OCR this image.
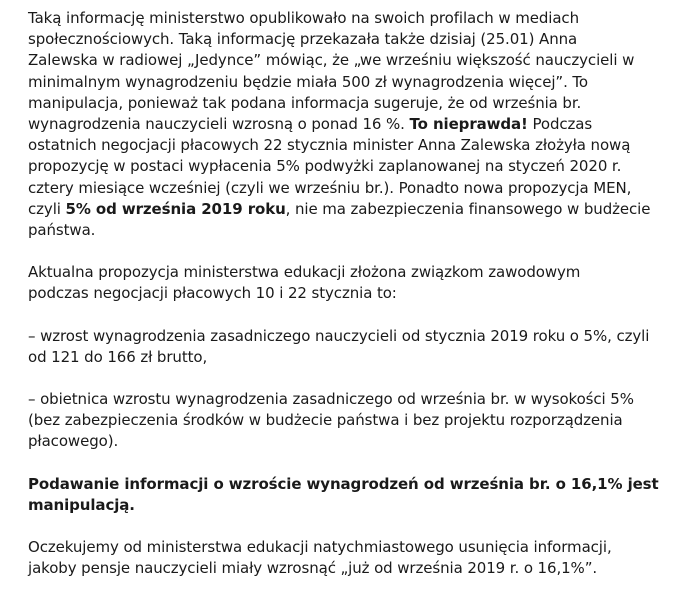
Taką informację ministerstwo opublikowało na swoich profilach w mediach
społecznościowych. Taką informację przekazała także dzisiaj (25.01) Anna
Zalewska w radiowej „Jedynce” mówiąc, że „we wrześniu większość nauczycieli w
minimalnym wynagrodzeniu będzie miała 500 zł wynagrodzenia więcej”. To
manipulacja, ponieważ tak podana informacja sugeruje, że od września br.
wynagrodzenia nauczycieli wzrosną o ponad 16 %. To nieprawda! Podczas
ostatnich negocjacji płacowych 22 stycznia minister Anna Zalewska złożyła nową
propozycję w postaci wypłacenia 5% podwyżki zaplanowanej na styczeń 2020 r.
cztery miesiące wcześniej (czyli we wrześniu br.). Ponadto nowa propozycja MEN,
czyli 5% od września 2019 roku, nie ma zabezpieczenia finansowego w budżecie
państwa.

Aktualna propozycja ministerstwa edukacji złożona związkom zawodowym
podczas negocjacji płacowych 10 i 22 stycznia to:

– wzrost wynagrodzenia zasadniczego nauczycieli od stycznia 2019 roku o 5%, czyli
od 121 do 166 zł brutto,

– obietnica wzrostu wynagrodzenia zasadniczego od września br. w wysokości 5%
(bez zabezpieczenia środków w budżecie państwa i bez projektu rozporządzenia
płacowego).

Podawanie informacji o wzroście wynagrodzeń od września br. o 16,1% jest
manipulacją.

Oczekujemy od ministerstwa edukacji natychmiastowego usunięcia informacji,
jakoby pensje nauczycieli miały wzrosnąć „już od września 2019 r. o 16,1%”.
